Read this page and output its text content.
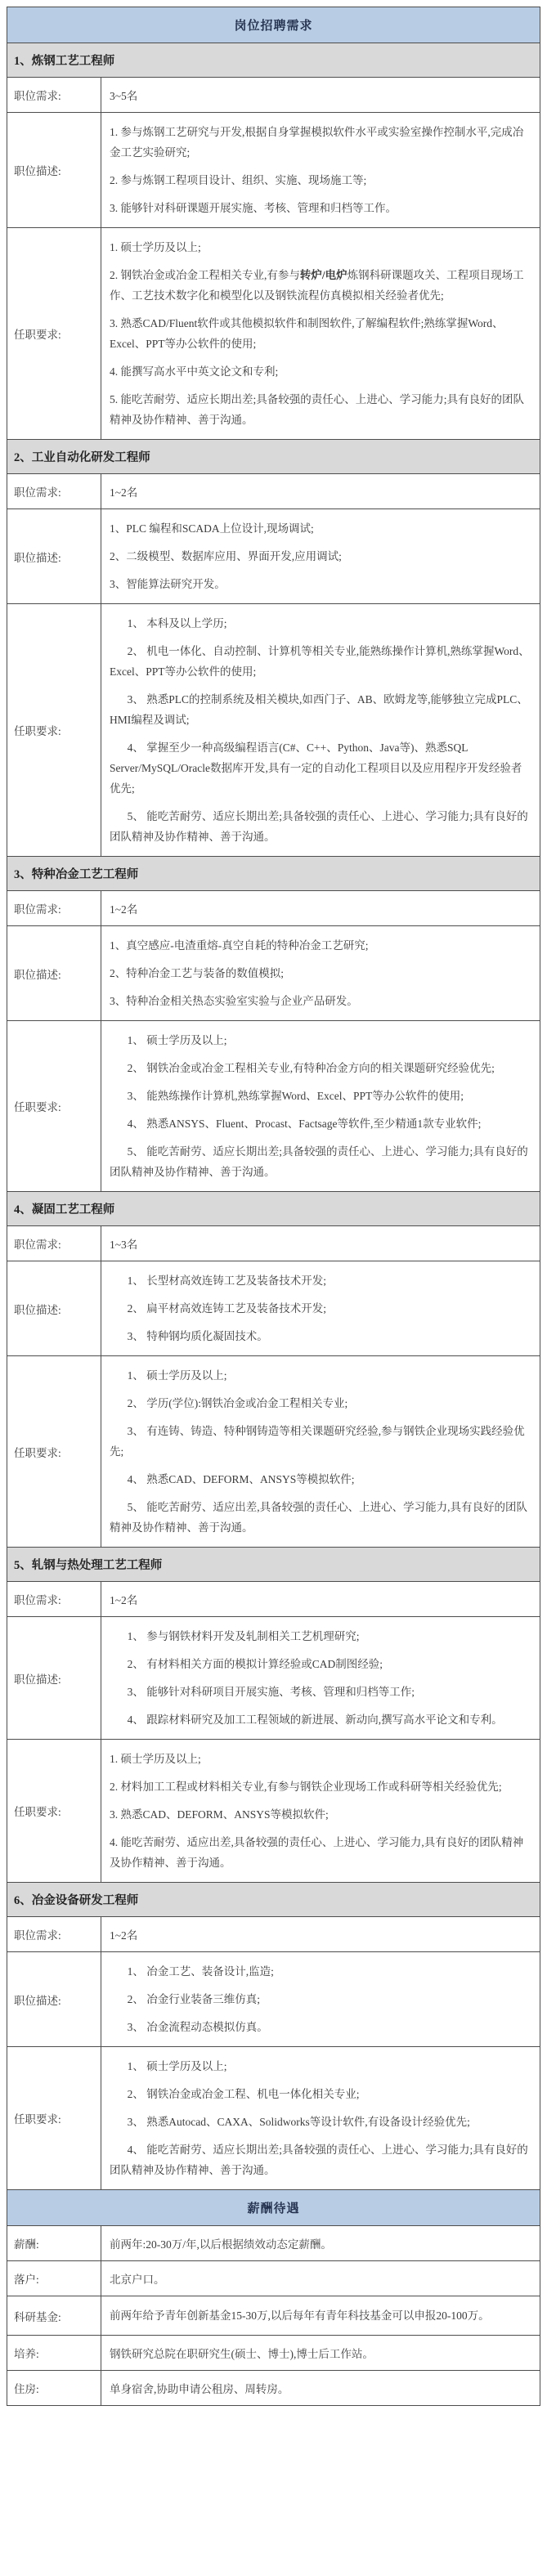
岗位招聘需求	
1、炼钢工艺工程师	
职位需求:	3~5名
职位描述:	1. 参与炼钢工艺研究与开发,根据自身掌握模拟软件水平或实验室操作控制水平,完成冶金工艺实验研究;

2. 参与炼钢工程项目设计、组织、实施、现场施工等;

3. 能够针对科研课题开展实施、考核、管理和归档等工作。

任职要求:	1. 硕士学历及以上;

2. 钢铁冶金或冶金工程相关专业,有参与转炉/电炉炼钢科研课题攻关、工程项目现场工作、工艺技术数字化和模型化以及钢铁流程仿真模拟相关经验者优先;

3. 熟悉CAD/Fluent软件或其他模拟软件和制图软件,了解编程软件;熟练掌握Word、Excel、PPT等办公软件的使用;

4. 能撰写高水平中英文论文和专利;

5. 能吃苦耐劳、适应长期出差;具备较强的责任心、上进心、学习能力;具有良好的团队精神及协作精神、善于沟通。

2、工业自动化研发工程师	
职位需求:	1~2名
职位描述:	1、PLC 编程和SCADA上位设计,现场调试;

2、二级模型、数据库应用、界面开发,应用调试;

3、智能算法研究开发。

任职要求:	1、 本科及以上学历;

2、 机电一体化、自动控制、计算机等相关专业,能熟练操作计算机,熟练掌握Word、Excel、PPT等办公软件的使用;

3、 熟悉PLC的控制系统及相关模块,如西门子、AB、欧姆龙等,能够独立完成PLC、HMI编程及调试;

4、 掌握至少一种高级编程语言(C#、C++、Python、Java等)、熟悉SQL Server/MySQL/Oracle数据库开发,具有一定的自动化工程项目以及应用程序开发经验者优先;

5、 能吃苦耐劳、适应长期出差;具备较强的责任心、上进心、学习能力;具有良好的团队精神及协作精神、善于沟通。

3、特种冶金工艺工程师	
职位需求:	1~2名
职位描述:	1、真空感应-电渣重熔-真空自耗的特种冶金工艺研究;

2、特种冶金工艺与装备的数值模拟;

3、特种冶金相关热态实验室实验与企业产品研发。

任职要求:	1、 硕士学历及以上;

2、 钢铁冶金或冶金工程相关专业,有特种冶金方向的相关课题研究经验优先;

3、 能熟练操作计算机,熟练掌握Word、Excel、PPT等办公软件的使用;

4、 熟悉ANSYS、Fluent、Procast、Factsage等软件,至少精通1款专业软件;

5、 能吃苦耐劳、适应长期出差;具备较强的责任心、上进心、学习能力;具有良好的团队精神及协作精神、善于沟通。

4、凝固工艺工程师	
职位需求:	1~3名
职位描述:	1、 长型材高效连铸工艺及装备技术开发;

2、 扁平材高效连铸工艺及装备技术开发;

3、 特种钢均质化凝固技术。

任职要求:	1、 硕士学历及以上;

2、 学历(学位):钢铁冶金或冶金工程相关专业;

3、 有连铸、铸造、特种钢铸造等相关课题研究经验,参与钢铁企业现场实践经验优先;

4、 熟悉CAD、DEFORM、ANSYS等模拟软件;

5、 能吃苦耐劳、适应出差,具备较强的责任心、上进心、学习能力,具有良好的团队精神及协作精神、善于沟通。

5、轧钢与热处理工艺工程师	
职位需求:	1~2名
职位描述:	1、 参与钢铁材料开发及轧制相关工艺机理研究;

2、 有材料相关方面的模拟计算经验或CAD制图经验;

3、 能够针对科研项目开展实施、考核、管理和归档等工作;

4、 跟踪材料研究及加工工程领域的新进展、新动向,撰写高水平论文和专利。

任职要求:	1. 硕士学历及以上;

2. 材料加工工程或材料相关专业,有参与钢铁企业现场工作或科研等相关经验优先;

3. 熟悉CAD、DEFORM、ANSYS等模拟软件;

4. 能吃苦耐劳、适应出差,具备较强的责任心、上进心、学习能力,具有良好的团队精神及协作精神、善于沟通。

6、冶金设备研发工程师	
职位需求:	1~2名
职位描述:	1、 冶金工艺、装备设计,监造;

2、 冶金行业装备三维仿真;

3、 冶金流程动态模拟仿真。

任职要求:	1、 硕士学历及以上;

2、 钢铁冶金或冶金工程、机电一体化相关专业;

3、 熟悉Autocad、CAXA、Solidworks等设计软件,有设备设计经验优先;

4、 能吃苦耐劳、适应长期出差;具备较强的责任心、上进心、学习能力;具有良好的团队精神及协作精神、善于沟通。

薪酬待遇	
薪酬:	前两年:20-30万/年,以后根据绩效动态定薪酬。
落户:	北京户口。
科研基金:	前两年给予青年创新基金15-30万,以后每年有青年科技基金可以申报20-100万。

培养:	钢铁研究总院在职研究生(硕士、博士),博士后工作站。
住房:	单身宿舍,协助申请公租房、周转房。
